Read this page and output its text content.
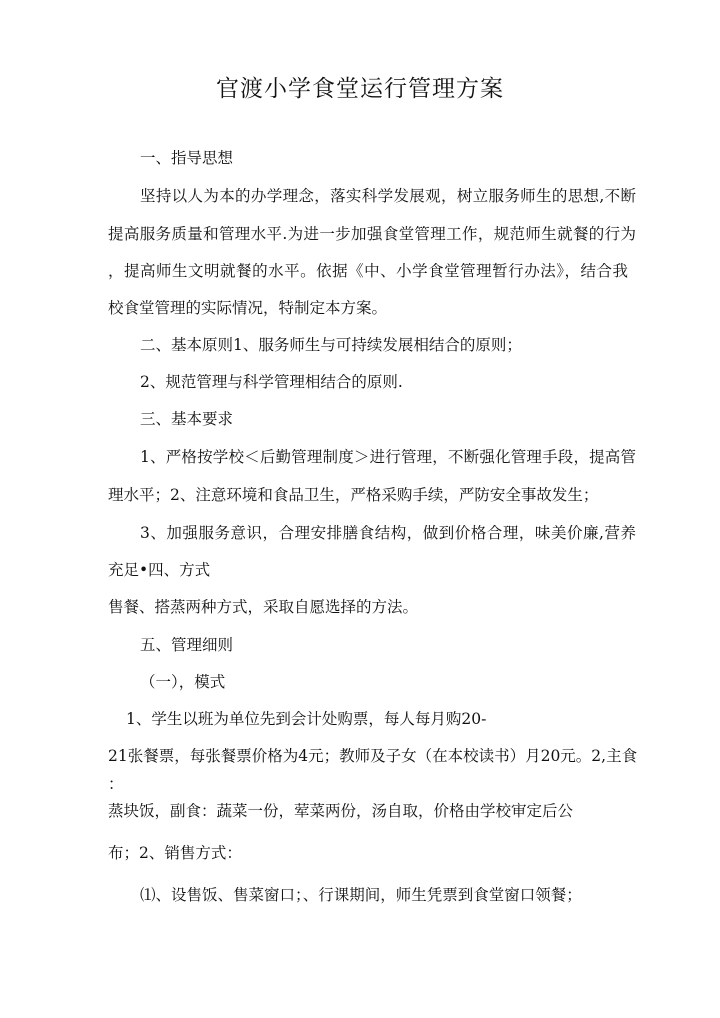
官渡小学食堂运行管理方案
一、指导思想
坚持以人为本的办学理念，落实科学发展观，树立服务师生的思想,不断
提高服务质量和管理水平.为进一步加强食堂管理工作，规范师生就餐的行为
，提高师生文明就餐的水平。依据《中、小学食堂管理暂行办法》，结合我
校食堂管理的实际情况，特制定本方案。
二、基本原则1、服务师生与可持续发展相结合的原则；
2、规范管理与科学管理相结合的原则.
三、基本要求
1、严格按学校＜后勤管理制度＞进行管理，不断强化管理手段，提高管
理水平；2、注意环境和食品卫生，严格采购手续，严防安全事故发生；
3、加强服务意识，合理安排膳食结构，做到价格合理，味美价廉,营养
充足•四、方式
售餐、搭蒸两种方式，采取自愿选择的方法。
五、管理细则
（一），模式
1、学生以班为单位先到会计处购票，每人每月购20-
21张餐票，每张餐票价格为4元；教师及子女（在本校读书）月20元。2,主食
：
蒸块饭，副食：蔬菜一份，荤菜两份，汤自取，价格由学校审定后公
布；2、销售方式：
⑴、设售饭、售菜窗口；、行课期间，师生凭票到食堂窗口领餐；
